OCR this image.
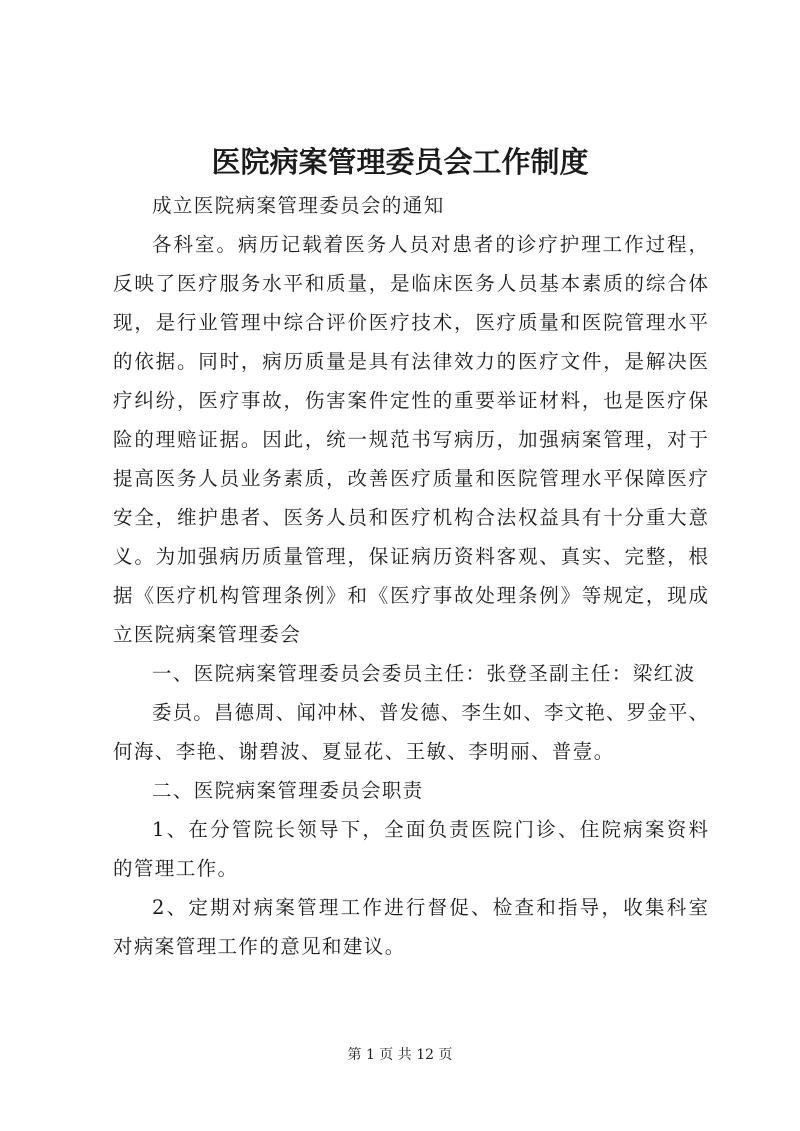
医院病案管理委员会工作制度
成立医院病案管理委员会的通知
各科室。病历记载着医务人员对患者的诊疗护理工作过程，
反映了医疗服务水平和质量，是临床医务人员基本素质的综合体
现，是行业管理中综合评价医疗技术，医疗质量和医院管理水平
的依据。同时，病历质量是具有法律效力的医疗文件，是解决医
疗纠纷，医疗事故，伤害案件定性的重要举证材料，也是医疗保
险的理赔证据。因此，统一规范书写病历，加强病案管理，对于
提高医务人员业务素质，改善医疗质量和医院管理水平保障医疗
安全，维护患者、医务人员和医疗机构合法权益具有十分重大意
义。为加强病历质量管理，保证病历资料客观、真实、完整，根
据《医疗机构管理条例》和《医疗事故处理条例》等规定，现成
立医院病案管理委会
一、医院病案管理委员会委员主任：张登圣副主任：梁红波
委员。昌德周、闻冲林、普发德、李生如、李文艳、罗金平、
何海、李艳、谢碧波、夏显花、王敏、李明丽、普壹。
二、医院病案管理委员会职责
1、在分管院长领导下，全面负责医院门诊、住院病案资料
的管理工作。
2、定期对病案管理工作进行督促、检查和指导，收集科室
对病案管理工作的意见和建议。
第 1 页 共 12 页
